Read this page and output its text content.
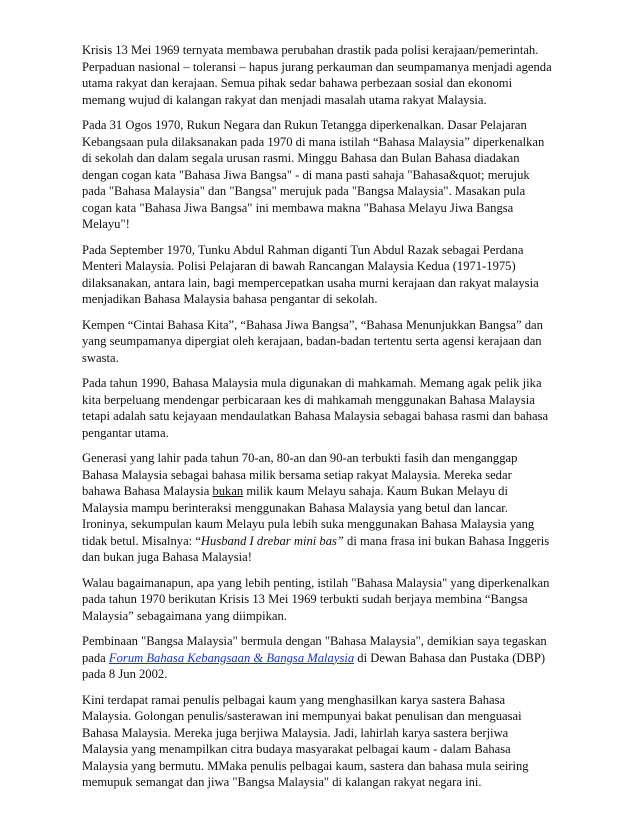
Krisis 13 Mei 1969 ternyata membawa perubahan drastik pada polisi kerajaan/pemerintah. Perpaduan nasional – toleransi – hapus jurang perkauman dan seumpamanya menjadi agenda utama rakyat dan kerajaan. Semua pihak sedar bahawa perbezaan sosial dan ekonomi memang wujud di kalangan rakyat dan menjadi masalah utama rakyat Malaysia.

Pada 31 Ogos 1970, Rukun Negara dan Rukun Tetangga diperkenalkan. Dasar Pelajaran Kebangsaan pula dilaksanakan pada 1970 di mana istilah “Bahasa Malaysia” diperkenalkan di sekolah dan dalam segala urusan rasmi. Minggu Bahasa dan Bulan Bahasa diadakan dengan cogan kata "Bahasa Jiwa Bangsa" - di mana pasti sahaja "Bahasa&quot; merujuk pada "Bahasa Malaysia" dan "Bangsa" merujuk pada "Bangsa Malaysia". Masakan pula cogan kata "Bahasa Jiwa Bangsa" ini membawa makna "Bahasa Melayu Jiwa Bangsa Melayu"!

Pada September 1970, Tunku Abdul Rahman diganti Tun Abdul Razak sebagai Perdana Menteri Malaysia. Polisi Pelajaran di bawah Rancangan Malaysia Kedua (1971-1975) dilaksanakan, antara lain, bagi mempercepatkan usaha murni kerajaan dan rakyat malaysia menjadikan Bahasa Malaysia bahasa pengantar di sekolah.

Kempen “Cintai Bahasa Kita”, “Bahasa Jiwa Bangsa”, “Bahasa Menunjukkan Bangsa” dan yang seumpamanya dipergiat oleh kerajaan, badan-badan tertentu serta agensi kerajaan dan swasta.

Pada tahun 1990, Bahasa Malaysia mula digunakan di mahkamah. Memang agak pelik jika kita berpeluang mendengar perbicaraan kes di mahkamah menggunakan Bahasa Malaysia tetapi adalah satu kejayaan mendaulatkan Bahasa Malaysia sebagai bahasa rasmi dan bahasa pengantar utama.

Generasi yang lahir pada tahun 70-an, 80-an dan 90-an terbukti fasih dan menganggap Bahasa Malaysia sebagai bahasa milik bersama setiap rakyat Malaysia. Mereka sedar bahawa Bahasa Malaysia bukan milik kaum Melayu sahaja. Kaum Bukan Melayu di Malaysia mampu berinteraksi menggunakan Bahasa Malaysia yang betul dan lancar. Ironinya, sekumpulan kaum Melayu pula lebih suka menggunakan Bahasa Malaysia yang tidak betul. Misalnya: “Husband I drebar mini bas” di mana frasa ini bukan Bahasa Inggeris dan bukan juga Bahasa Malaysia!

Walau bagaimanapun, apa yang lebih penting, istilah "Bahasa Malaysia" yang diperkenalkan pada tahun 1970 berikutan Krisis 13 Mei 1969 terbukti sudah berjaya membina “Bangsa Malaysia” sebagaimana yang diimpikan.

Pembinaan "Bangsa Malaysia" bermula dengan "Bahasa Malaysia", demikian saya tegaskan pada Forum Bahasa Kebangsaan & Bangsa Malaysia di Dewan Bahasa dan Pustaka (DBP) pada 8 Jun 2002.

Kini terdapat ramai penulis pelbagai kaum yang menghasilkan karya sastera Bahasa Malaysia. Golongan penulis/sasterawan ini mempunyai bakat penulisan dan menguasai Bahasa Malaysia. Mereka juga berjiwa Malaysia. Jadi, lahirlah karya sastera berjiwa Malaysia yang menampilkan citra budaya masyarakat pelbagai kaum - dalam Bahasa Malaysia yang bermutu. MMaka penulis pelbagai kaum, sastera dan bahasa mula seiring memupuk semangat dan jiwa "Bangsa Malaysia" di kalangan rakyat negara ini.
